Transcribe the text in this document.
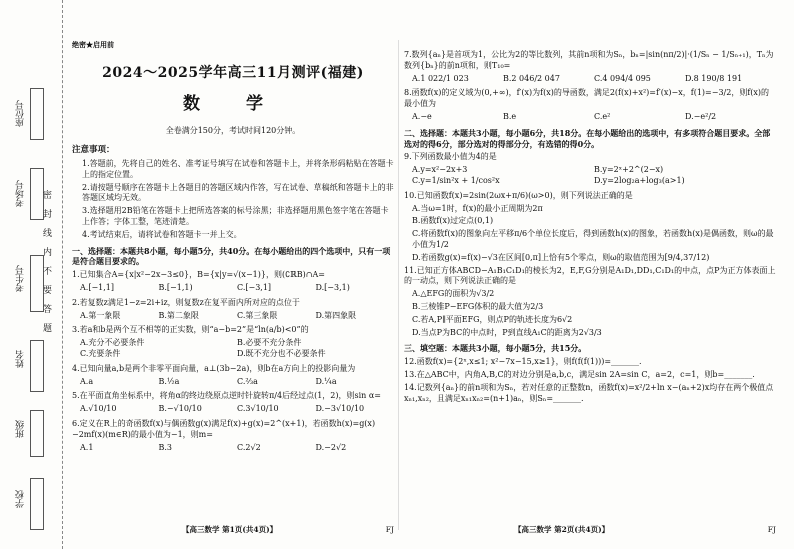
座位号
考场号
考生号
姓名
班级
学校
密封线内不要答题
绝密★启用前
2024～2025学年高三11月测评(福建)
数 学
全卷满分150分，考试时间120分钟。
注意事项：

1.答题前，先将自己的姓名、准考证号填写在试卷和答题卡上，并将条形码粘贴在答题卡上的指定位置。

2.请按题号顺序在答题卡上各题目的答题区域内作答，写在试卷、草稿纸和答题卡上的非答题区域均无效。

3.选择题用2B铅笔在答题卡上把所选答案的标号涂黑；非选择题用黑色签字笔在答题卡上作答；字体工整，笔迹清楚。

4.考试结束后，请将试卷和答题卡一并上交。

一、选择题：本题共8小题，每小题5分，共40分。在每小题给出的四个选项中，只有一项是符合题目要求的。
1.已知集合A={x|x²−2x−3≤0}，B={x|y=√(x−1)}，则(∁ℝB)∩A=
A.[−1,1]	B.[−1,1)	C.[−3,1]	D.[−3,1)
2.若复数z满足1−z=2i+iz，则复数z在复平面内所对应的点位于
A.第一象限	B.第二象限	C.第三象限	D.第四象限
3.若a和b是两个互不相等的正实数，则“a−b=2”是“ln(a/b)<0”的
A.充分不必要条件	B.必要不充分条件
C.充要条件	D.既不充分也不必要条件
4.已知向量a,b是两个非零平面向量，a⊥(3b−2a)，则b在a方向上的投影向量为
A.a	B.½a	C.⅔a	D.¼a
5.在平面直角坐标系中，将角α的终边绕原点逆时针旋转π/4后经过点(1，2)，则sin α=
A.√10/10	B.−√10/10	C.3√10/10	D.−3√10/10
6.定义在R上的奇函数f(x)与偶函数g(x)满足f(x)+g(x)=2^(x+1)，若函数h(x)=g(x)−2mf(x)(m∈R)的最小值为−1，则m=
A.1	B.3	C.2√2	D.−2√2
【高三数学 第1页(共4页)】	FJ
7.数列{aₙ}是首项为1，公比为2的等比数列，其前n项和为Sₙ，bₙ=|sin(nπ/2)|·(1/Sₙ − 1/Sₙ₊₁)，Tₙ为数列{bₙ}的前n项和，则T₁₀=
A.1 022/1 023	B.2 046/2 047	C.4 094/4 095	D.8 190/8 191
8.函数f(x)的定义域为(0,+∞)，f′(x)为f(x)的导函数，满足2(f(x)+x²)=f′(x)−x，f(1)=−3/2，则f(x)的最小值为
A.−e	B.e	C.e²	D.−e²/2
二、选择题：本题共3小题，每小题6分，共18分。在每小题给出的选项中，有多项符合题目要求。全部选对的得6分，部分选对的得部分分，有选错的得0分。
9.下列函数最小值为4的是
A.y=x²−2x+3	B.y=2ˣ+2^(2−x)
C.y=1/sin²x + 1/cos²x	D.y=2log₂a+log₃(a>1)
10.已知函数f(x)=2sin(2ωx+π/6)(ω>0)，则下列说法正确的是
A.当ω=1时，f(x)的最小正周期为2π
B.函数f(x)过定点(0,1)
C.将函数f(x)的图象向左平移π/6个单位长度后，得到函数h(x)的图象，若函数h(x)是偶函数，则ω的最小值为1/2
D.若函数g(x)=f(x)−√3在区间[0,π]上恰有5个零点，则ω的取值范围为[9/4,37/12)
11.已知正方体ABCD−A₁B₁C₁D₁的棱长为2，E,F,G分别是A₁D₁,DD₁,C₁D₁的中点，点P为正方体表面上的一动点，则下列说法正确的是
A.△EFG的面积为√3/2
B.三棱锥P−EFG体积的最大值为2/3
C.若A,P∥平面EFG，则点P的轨迹长度为6√2
D.当点P为BC的中点时，P到直线A₁C的距离为2√3/3
三、填空题：本题共3小题，每小题5分，共15分。
12.函数f(x)={2ˣ,x≤1; x²−7x−15,x≥1}，则f(f(f(1)))=_______.
13.在△ABC中，内角A,B,C的对边分别是a,b,c，满足sin 2A=sin C，a=2，c=1，则b=_______.
14.记数列{aₙ}的前n项和为Sₙ，若对任意的正整数n，函数f(x)=x²/2+ln x−(aₙ+2)x均存在两个极值点xₙ₁,xₙ₂，且满足xₙ₁xₙ₂=(n+1)aₙ，则Sₙ=_______.
【高三数学 第2页(共4页)】	FJ
